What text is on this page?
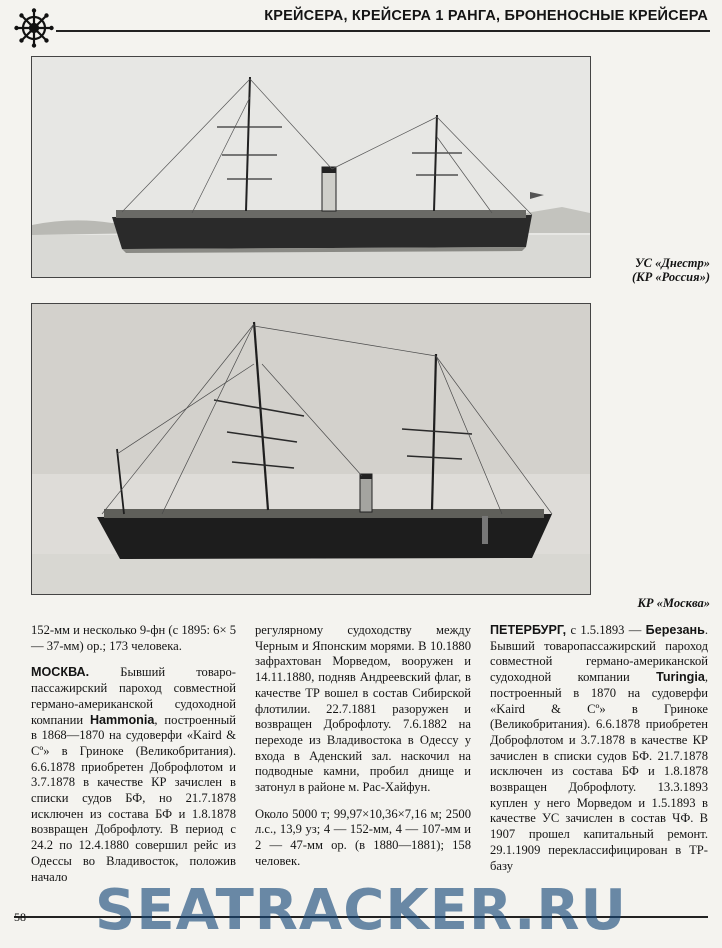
КРЕЙСЕРА, КРЕЙСЕРА 1 РАНГА, БРОНЕНОСНЫЕ КРЕЙСЕРА
УС «Днестр»
(КР «Россия»)
КР «Москва»

152-мм и несколько 9-фн (с 1895: 6× 5— 37-мм) ор.; 173 человека.

МОСКВА. Бывший товаро-пассажирский пароход совместной германо-американской судоходной компании Hammonia, построенный в 1868—1870 на судоверфи «Kaird & Cº» в Гриноке (Великобритания). 6.6.1878 приобретен Доброфлотом и 3.7.1878 в качестве КР зачислен в списки судов БФ, но 21.7.1878 исключен из состава БФ и 1.8.1878 возвращен Доброфлоту. В период с 24.2 по 12.4.1880 совершил рейс из Одессы во Владивосток, положив начало

регулярному судоходству между Черным и Японским морями. В 10.1880 зафрахтован Морведом, вооружен и 14.11.1880, подняв Андреевский флаг, в качестве ТР вошел в состав Сибирской флотилии. 22.7.1881 разоружен и возвращен Доброфлоту. 7.6.1882 на переходе из Владивостока в Одессу у входа в Аденский зал. наскочил на подводные камни, пробил днище и затонул в районе м. Рас-Хайфун.

Около 5000 т; 99,97×10,36×7,16 м; 2500 л.с., 13,9 уз; 4 — 152-мм, 4 — 107-мм и 2 — 47-мм ор. (в 1880—1881); 158 человек.

ПЕТЕРБУРГ, с 1.5.1893 — Березань. Бывший товаропассажирский пароход совместной германо-американской судоходной компании Turingia, построенный в 1870 на судоверфи «Kaird & Cº» в Гриноке (Великобритания). 6.6.1878 приобретен Доброфлотом и 3.7.1878 в качестве КР зачислен в списки судов БФ. 21.7.1878 исключен из состава БФ и 1.8.1878 возвращен Доброфлоту. 13.3.1893 куплен у него Морведом и 1.5.1893 в качестве УС зачислен в состав ЧФ. В 1907 прошел капитальный ремонт. 29.1.1909 переклассифицирован в ТР-базу

58	SEATRACKER.RU
